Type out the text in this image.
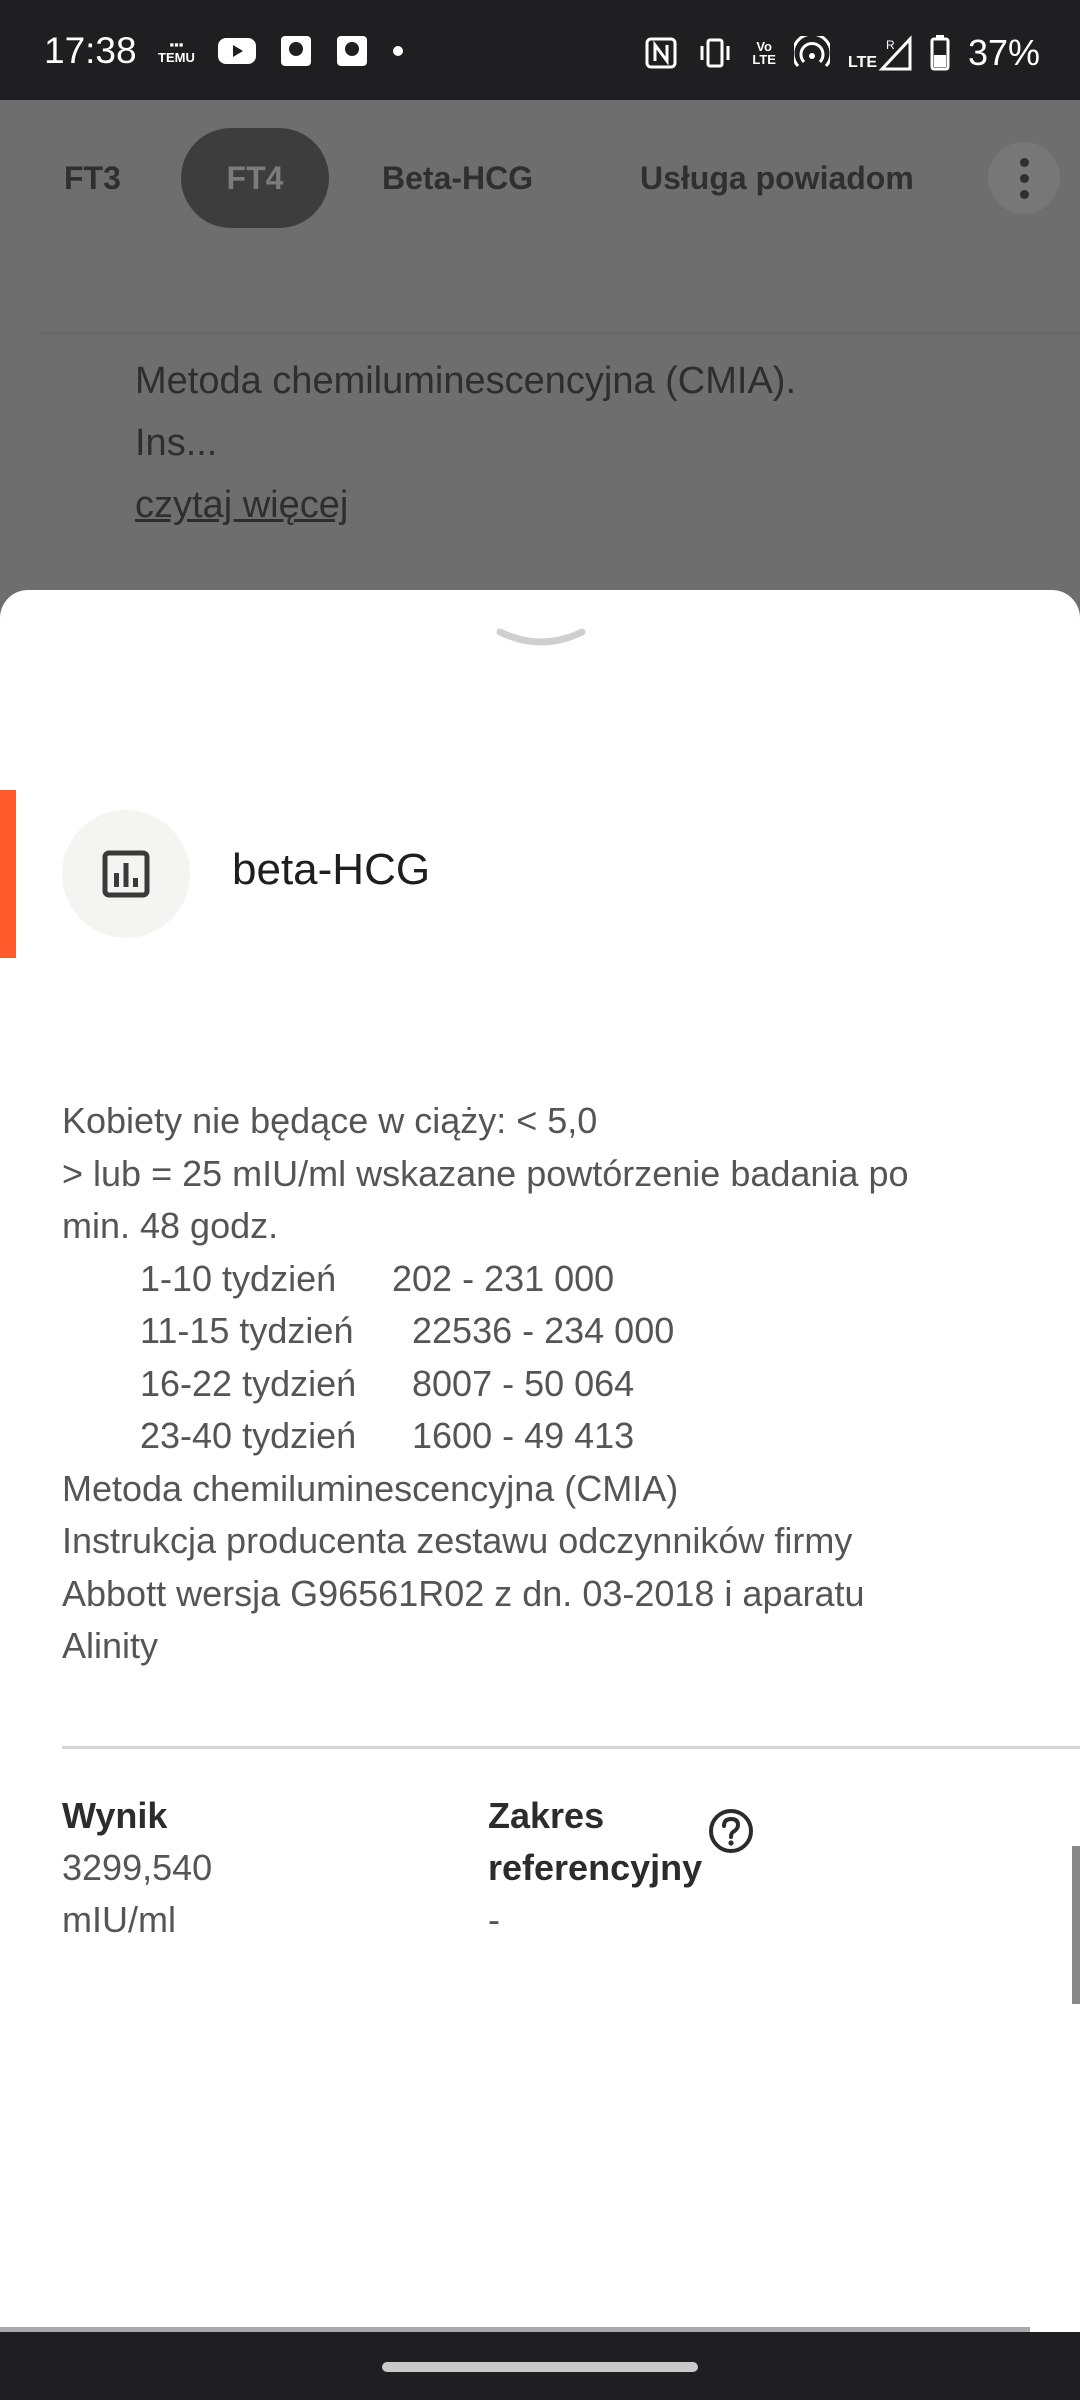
17:38	▪▪▪
TEMU
Vo
LTE	LTE
R 37%
FT3	FT4	Beta-HCG	Usługa powiadom
Metoda chemiluminescencyjna (CMIA).
Ins...
czytaj więcej
beta-HCG
Kobiety nie będące w ciąży: < 5,0
> lub = 25 mIU/ml wskazane powtórzenie badania po
min. 48 godz.
1-10 tydzień	202 - 231 000
11-15 tydzień	22536 - 234 000
16-22 tydzień	8007 - 50 064
23-40 tydzień	1600 - 49 413
Metoda chemiluminescencyjna (CMIA)
Instrukcja producenta zestawu odczynników firmy
Abbott wersja G96561R02 z dn. 03-2018 i aparatu
Alinity
Wynik
3299,540
mIU/ml
Zakres
referencyjny
-
